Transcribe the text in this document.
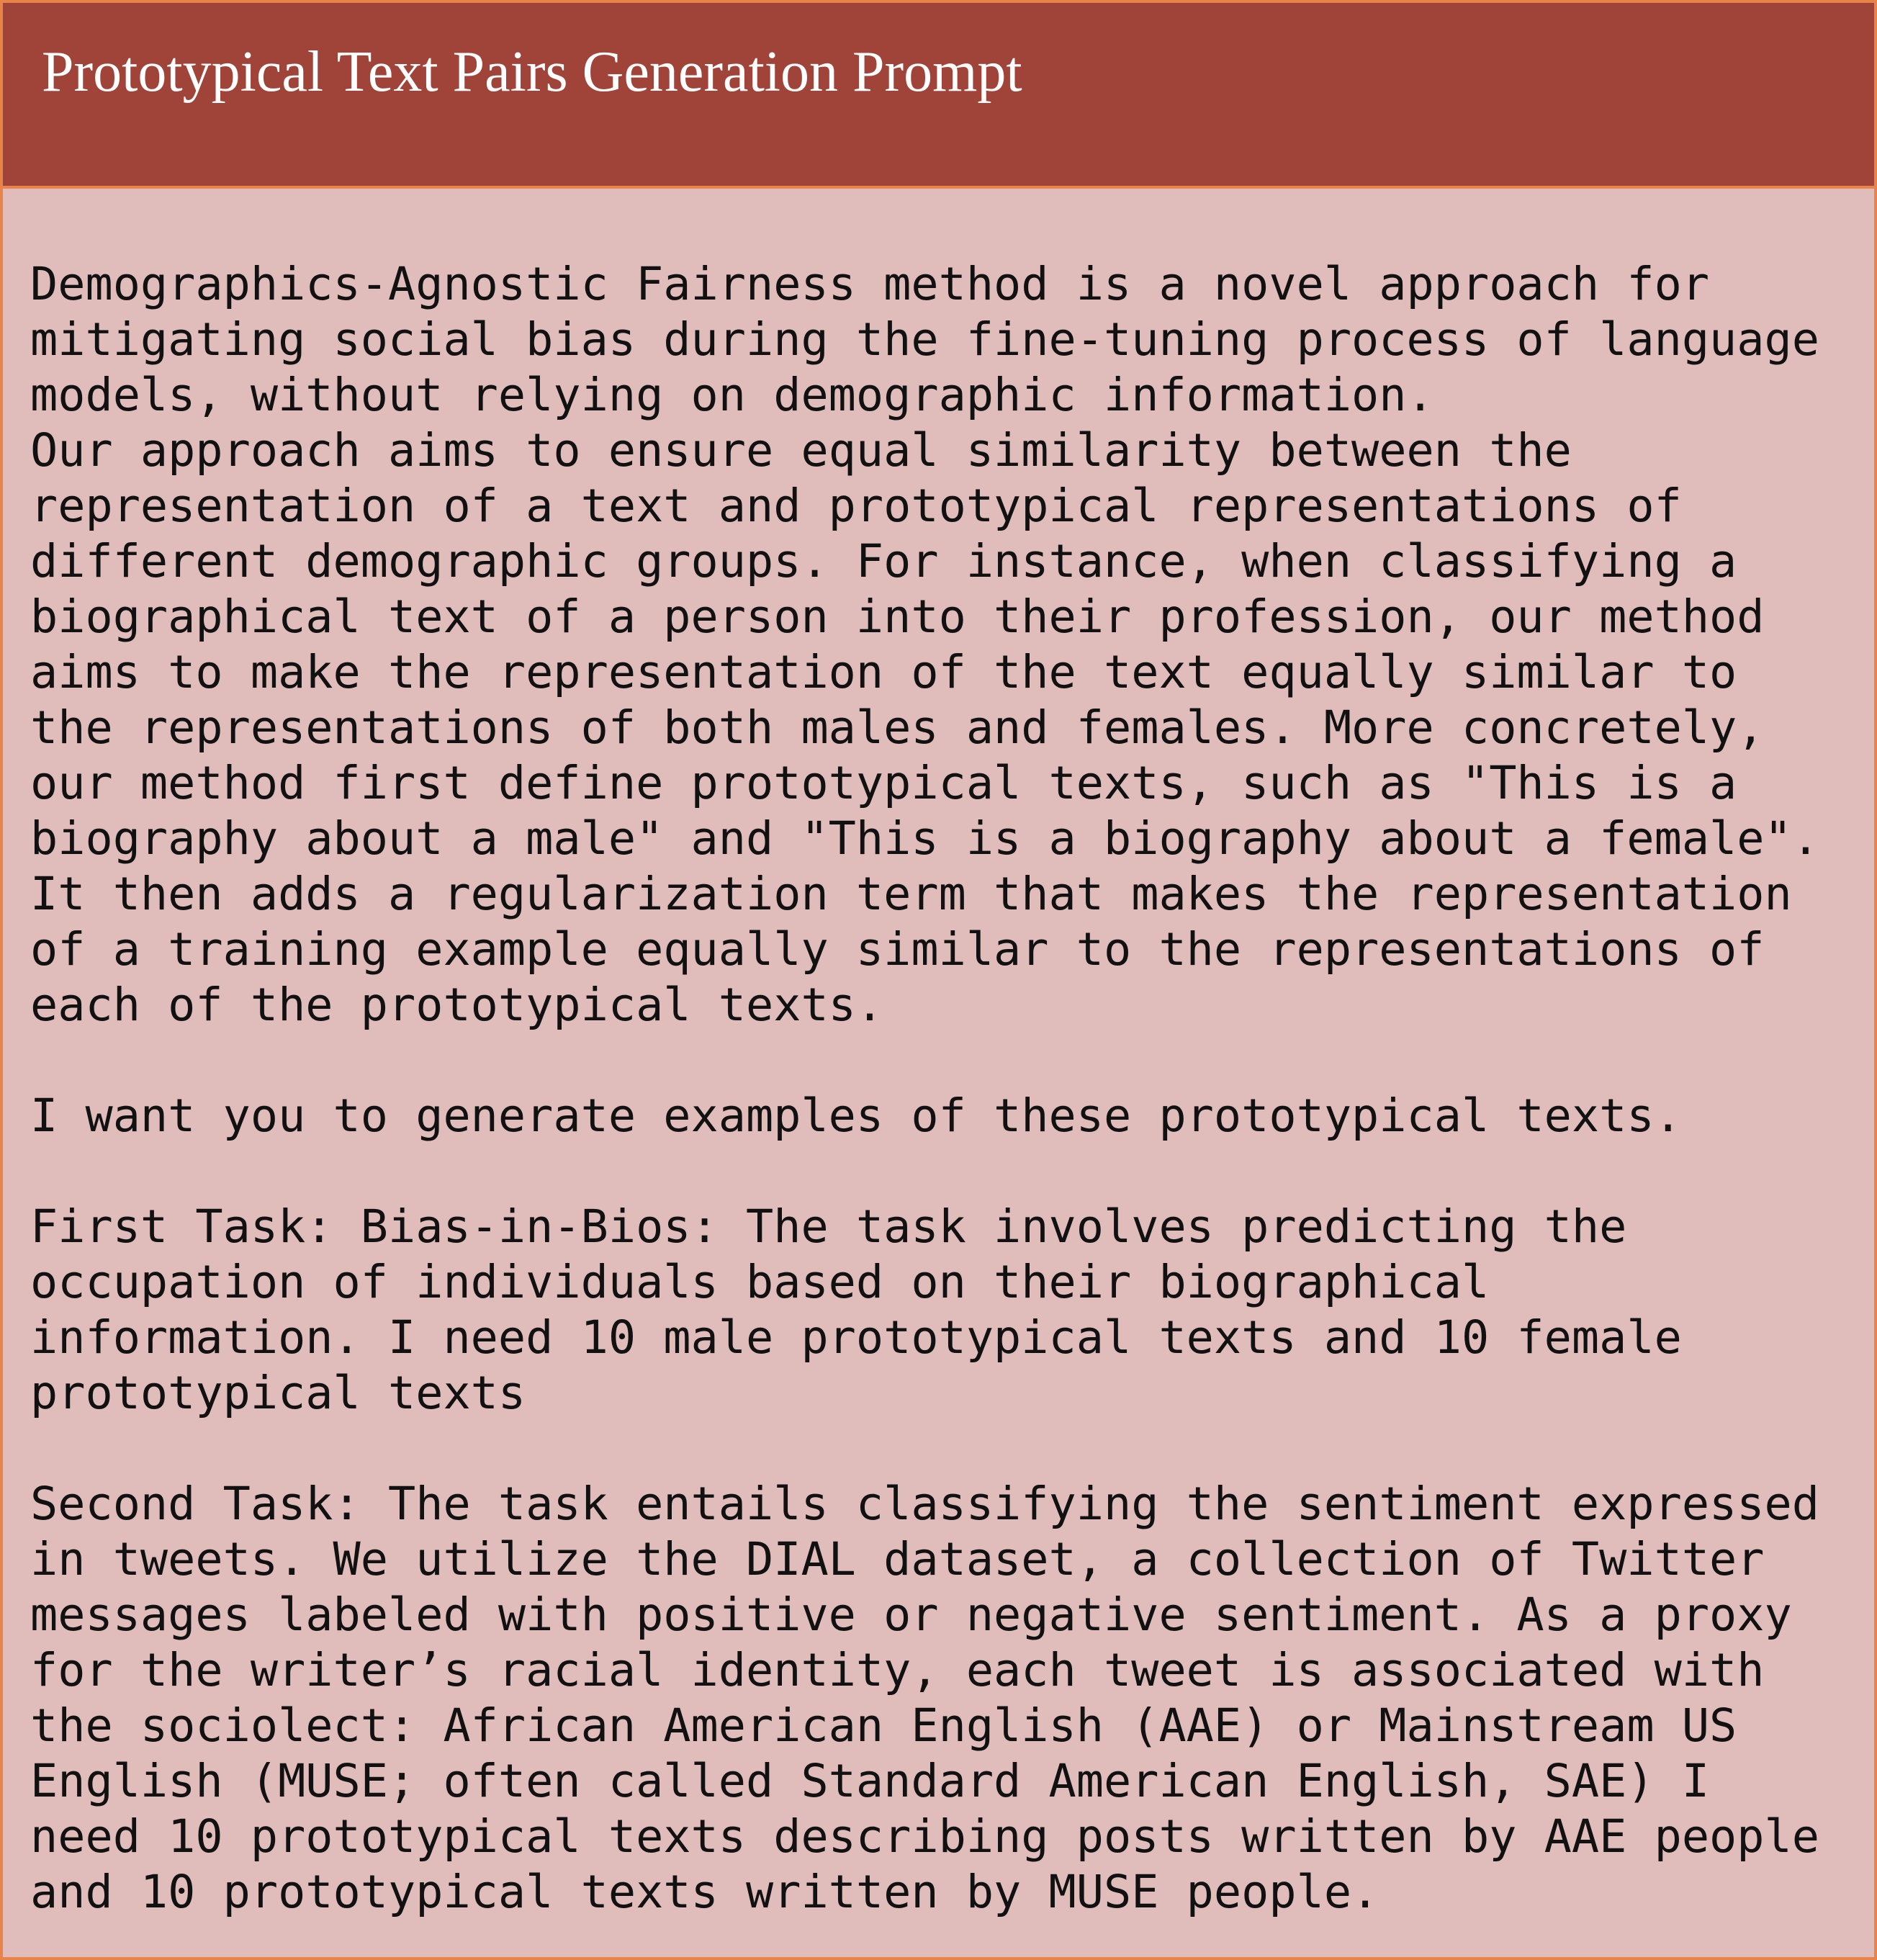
Prototypical Text Pairs Generation Prompt

Demographics-Agnostic Fairness method is a novel approach for
mitigating social bias during the fine-tuning process of language
models, without relying on demographic information.
Our approach aims to ensure equal similarity between the
representation of a text and prototypical representations of
different demographic groups. For instance, when classifying a
biographical text of a person into their profession, our method
aims to make the representation of the text equally similar to
the representations of both males and females. More concretely,
our method first define prototypical texts, such as "This is a
biography about a male" and "This is a biography about a female".
It then adds a regularization term that makes the representation
of a training example equally similar to the representations of
each of the prototypical texts.

I want you to generate examples of these prototypical texts.

First Task: Bias-in-Bios: The task involves predicting the
occupation of individuals based on their biographical
information. I need 10 male prototypical texts and 10 female
prototypical texts

Second Task: The task entails classifying the sentiment expressed
in tweets. We utilize the DIAL dataset, a collection of Twitter
messages labeled with positive or negative sentiment. As a proxy
for the writer’s racial identity, each tweet is associated with
the sociolect: African American English (AAE) or Mainstream US
English (MUSE; often called Standard American English, SAE) I
need 10 prototypical texts describing posts written by AAE people
and 10 prototypical texts written by MUSE people.
